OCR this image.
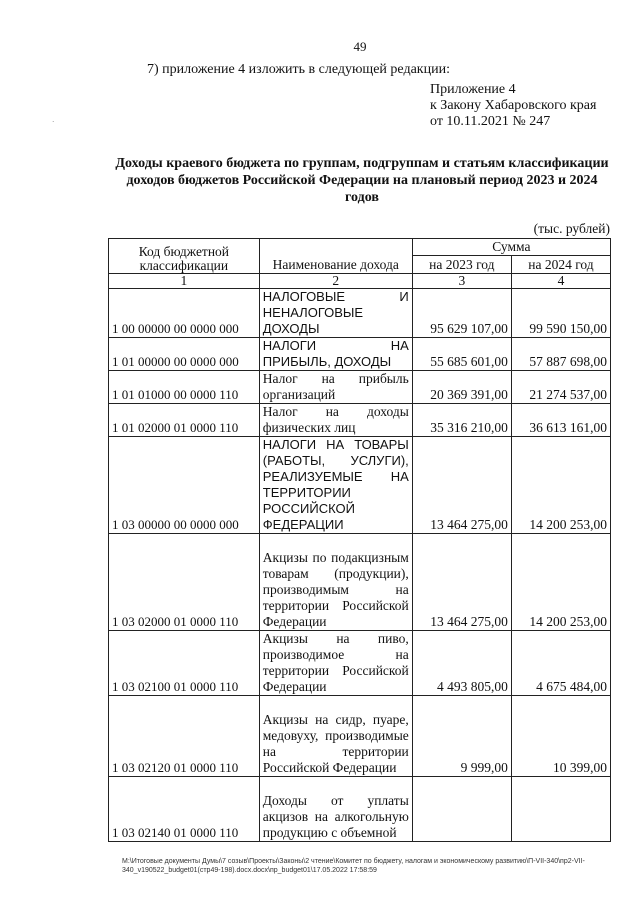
49
·
7) приложение 4 изложить в следующей редакции:
Приложение 4
к Закону Хабаровского края
от 10.11.2021 № 247
Доходы краевого бюджета по группам, подгруппам и статьям классификации доходов бюджетов Российской Федерации на плановый период 2023 и 2024 годов
(тыс. рублей)
Код бюджетной классификации	Наименование дохода	Сумма	
		на 2023 год	на 2024 год
1	2	3	4
1 00 00000 00 0000 000	НАЛОГОВЫЕ И НЕНАЛОГОВЫЕ ДОХОДЫ	95 629 107,00	99 590 150,00
1 01 00000 00 0000 000	НАЛОГИ НА ПРИБЫЛЬ, ДОХОДЫ	55 685 601,00	57 887 698,00
1 01 01000 00 0000 110	Налог на прибыль организаций	20 369 391,00	21 274 537,00
1 01 02000 01 0000 110	Налог на доходы физических лиц	35 316 210,00	36 613 161,00
1 03 00000 00 0000 000	НАЛОГИ НА ТОВАРЫ (РАБОТЫ, УСЛУГИ), РЕАЛИЗУЕМЫЕ НА ТЕРРИТОРИИ РОССИЙСКОЙ ФЕДЕРАЦИИ	13 464 275,00	14 200 253,00
1 03 02000 01 0000 110	Акцизы по подакцизным товарам (продукции), производимым на территории Российской Федерации	13 464 275,00	14 200 253,00
1 03 02100 01 0000 110	Акцизы на пиво, производимое на территории Российской Федерации	4 493 805,00	4 675 484,00
1 03 02120 01 0000 110	Акцизы на сидр, пуаре, медовуху, производимые на территории Российской Федерации	9 999,00	10 399,00
1 03 02140 01 0000 110	Доходы от уплаты акцизов на алкогольную продукцию с объемной		
M:\Итоговые документы Думы\7 созыв\Проекты\Законы\2 чтение\Комитет по бюджету, налогам и экономическому развитию\П-VII-340\пр2-VII-340_v190522_budget01(стр49-198).docx.docx\пр_budget01\17.05.2022 17:58:59
